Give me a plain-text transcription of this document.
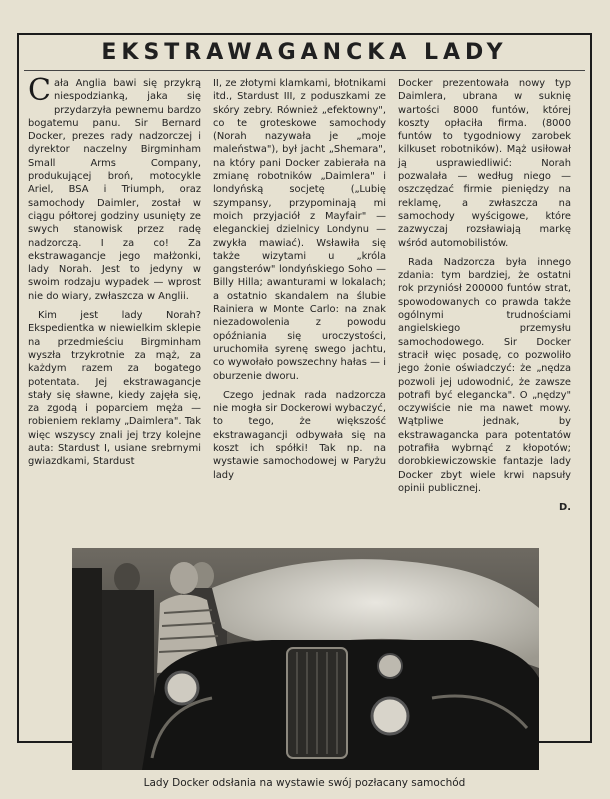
EKSTRAWAGANCKA LADY

Cała Anglia bawi się przykrą niespodzianką, jaka się przydarzyła pewnemu bardzo bogatemu panu. Sir Bernard Docker, prezes rady nadzorczej i dyrektor naczelny Birgminham Small Arms Company, produkującej broń, motocykle Ariel, BSA i Triumph, oraz samochody Daimler, został w ciągu półtorej godziny usunięty ze swych stanowisk przez radę nadzorczą. I za co! Za ekstrawagancje jego małżonki, lady Norah. Jest to jedyny w swoim rodzaju wypadek — wprost nie do wiary, zwłaszcza w Anglii.

Kim jest lady Norah? Ekspedientka w niewielkim sklepie na przedmieściu Birgminham wyszła trzykrotnie za mąż, za każdym razem za bogatego potentata. Jej ekstrawagancje stały się sławne, kiedy zajęła się, za zgodą i poparciem męża — robieniem reklamy „Daimlera". Tak więc wszyscy znali jej trzy kolejne auta: Stardust I, usiane srebrnymi gwiazdkami, Stardust

II, ze złotymi klamkami, błotnikami itd., Stardust III, z poduszkami ze skóry zebry. Również „efektowny", co te groteskowe samochody (Norah nazywała je „moje maleństwa"), był jacht „Shemara", na który pani Docker zabierała na zmianę robotników „Daimlera" i londyńską socjetę („Lubię szympansy, przypominają mi moich przyjaciół z Mayfair" — eleganckiej dzielnicy Londynu — zwykła mawiać). Wsławiła się także wizytami u „króla gangsterów" londyńskiego Soho — Billy Hilla; awanturami w lokalach; a ostatnio skandalem na ślubie Rainiera w Monte Carlo: na znak niezadowolenia z powodu opóźniania się uroczystości, uruchomiła syrenę swego jachtu, co wywołało powszechny hałas — i oburzenie dworu.

Czego jednak rada nadzorcza nie mogła sir Dockerowi wybaczyć, to tego, że większość ekstrawagancji odbywała się na koszt ich spółki! Tak np. na wystawie samochodowej w Paryżu lady

Docker prezentowała nowy typ Daimlera, ubrana w suknię wartości 8000 funtów, której koszty opłaciła firma. (8000 funtów to tygodniowy zarobek kilkuset robotników). Mąż usiłował ją usprawiedliwić: Norah pozwalała — według niego — oszczędzać firmie pieniędzy na reklamę, a zwłaszcza na samochody wyścigowe, które zazwyczaj rozsławiają markę wśród automobilistów.

Rada Nadzorcza była innego zdania: tym bardziej, że ostatni rok przyniósł 200000 funtów strat, spowodowanych co prawda także ogólnymi trudnościami angielskiego przemysłu samochodowego. Sir Docker stracił więc posadę, co pozwoliło jego żonie oświadczyć: że „nędza pozwoli jej udowodnić, że zawsze potrafi być elegancka". O „nędzy" oczywiście nie ma nawet mowy. Wątpliwe jednak, by ekstrawagancka para potentatów potrafiła wybrnąć z kłopotów; dorobkiewiczowskie fantazje lady Docker zbyt wiele krwi napsuły opinii publicznej.

D.
Lady Docker odsłania na wystawie swój pozłacany samochód
